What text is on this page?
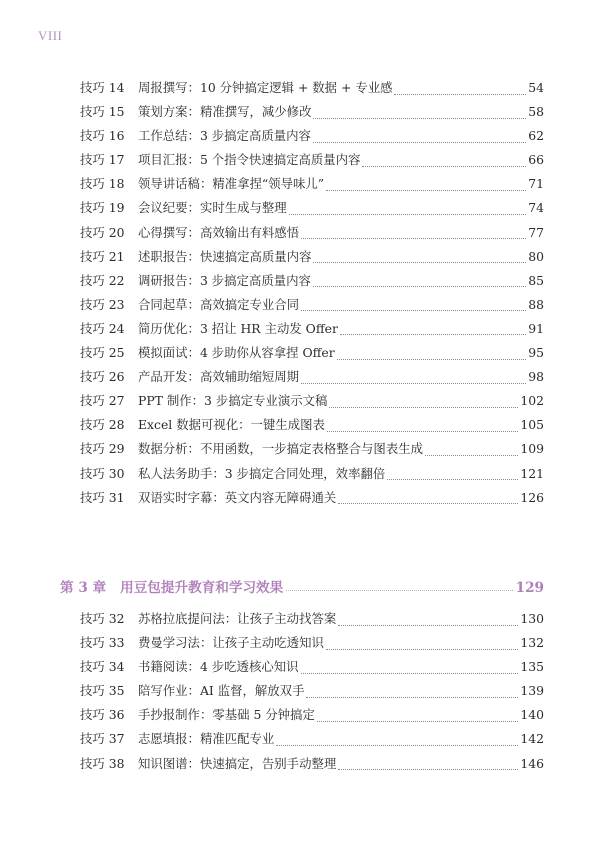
VIII
技巧 14	周报撰写：10 分钟搞定逻辑 + 数据 + 专业感	54
技巧 15	策划方案：精准撰写，减少修改	58
技巧 16	工作总结：3 步搞定高质量内容	62
技巧 17	项目汇报：5 个指令快速搞定高质量内容	66
技巧 18	领导讲话稿：精准拿捏“领导味儿”	71
技巧 19	会议纪要：实时生成与整理	74
技巧 20	心得撰写：高效输出有料感悟	77
技巧 21	述职报告：快速搞定高质量内容	80
技巧 22	调研报告：3 步搞定高质量内容	85
技巧 23	合同起草：高效搞定专业合同	88
技巧 24	简历优化：3 招让 HR 主动发 Offer	91
技巧 25	模拟面试：4 步助你从容拿捏 Offer	95
技巧 26	产品开发：高效辅助缩短周期	98
技巧 27	PPT 制作：3 步搞定专业演示文稿	102
技巧 28	Excel 数据可视化：一键生成图表	105
技巧 29	数据分析：不用函数，一步搞定表格整合与图表生成	109
技巧 30	私人法务助手：3 步搞定合同处理，效率翻倍	121
技巧 31	双语实时字幕：英文内容无障碍通关	126
第 3 章 用豆包提升教育和学习效果	129
技巧 32	苏格拉底提问法：让孩子主动找答案	130
技巧 33	费曼学习法：让孩子主动吃透知识	132
技巧 34	书籍阅读：4 步吃透核心知识	135
技巧 35	陪写作业：AI 监督，解放双手	139
技巧 36	手抄报制作：零基础 5 分钟搞定	140
技巧 37	志愿填报：精准匹配专业	142
技巧 38	知识图谱：快速搞定，告别手动整理	146
